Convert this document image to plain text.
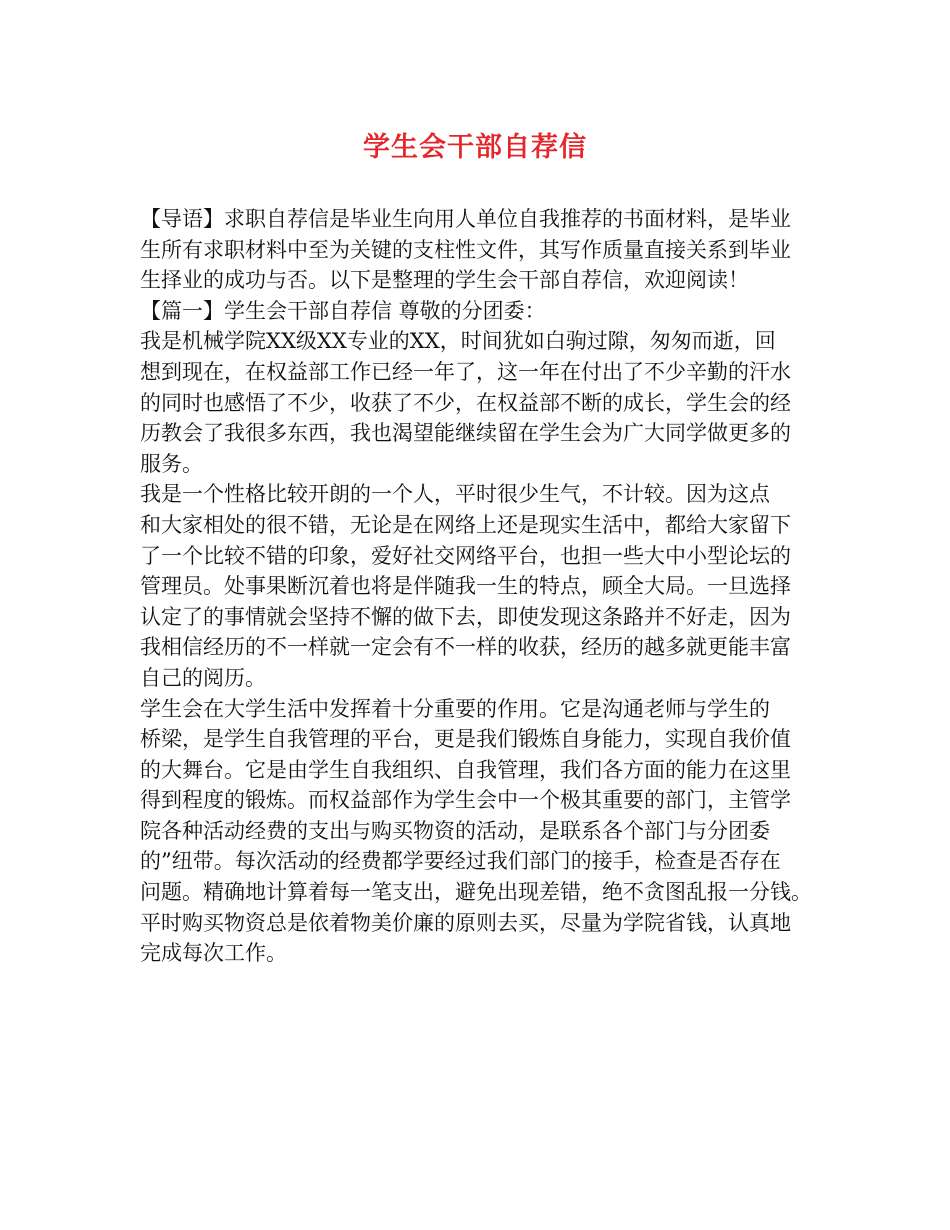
学生会干部自荐信
【导语】求职自荐信是毕业生向用人单位自我推荐的书面材料，是毕业
生所有求职材料中至为关键的支柱性文件，其写作质量直接关系到毕业
生择业的成功与否。以下是整理的学生会干部自荐信，欢迎阅读！
【篇一】学生会干部自荐信 尊敬的分团委：
我是机械学院XX级XX专业的XX，时间犹如白驹过隙，匆匆而逝，回
想到现在，在权益部工作已经一年了，这一年在付出了不少辛勤的汗水
的同时也感悟了不少，收获了不少，在权益部不断的成长，学生会的经
历教会了我很多东西，我也渴望能继续留在学生会为广大同学做更多的
服务。
我是一个性格比较开朗的一个人，平时很少生气，不计较。因为这点
和大家相处的很不错，无论是在网络上还是现实生活中，都给大家留下
了一个比较不错的印象，爱好社交网络平台，也担一些大中小型论坛的
管理员。处事果断沉着也将是伴随我一生的特点，顾全大局。一旦选择
认定了的事情就会坚持不懈的做下去，即使发现这条路并不好走，因为
我相信经历的不一样就一定会有不一样的收获，经历的越多就更能丰富
自己的阅历。
学生会在大学生活中发挥着十分重要的作用。它是沟通老师与学生的
桥梁，是学生自我管理的平台，更是我们锻炼自身能力，实现自我价值
的大舞台。它是由学生自我组织、自我管理，我们各方面的能力在这里
得到程度的锻炼。而权益部作为学生会中一个极其重要的部门，主管学
院各种活动经费的支出与购买物资的活动，是联系各个部门与分团委
的”纽带。每次活动的经费都学要经过我们部门的接手，检查是否存在
问题。精确地计算着每一笔支出，避免出现差错，绝不贪图乱报一分钱。
平时购买物资总是依着物美价廉的原则去买，尽量为学院省钱，认真地
完成每次工作。
